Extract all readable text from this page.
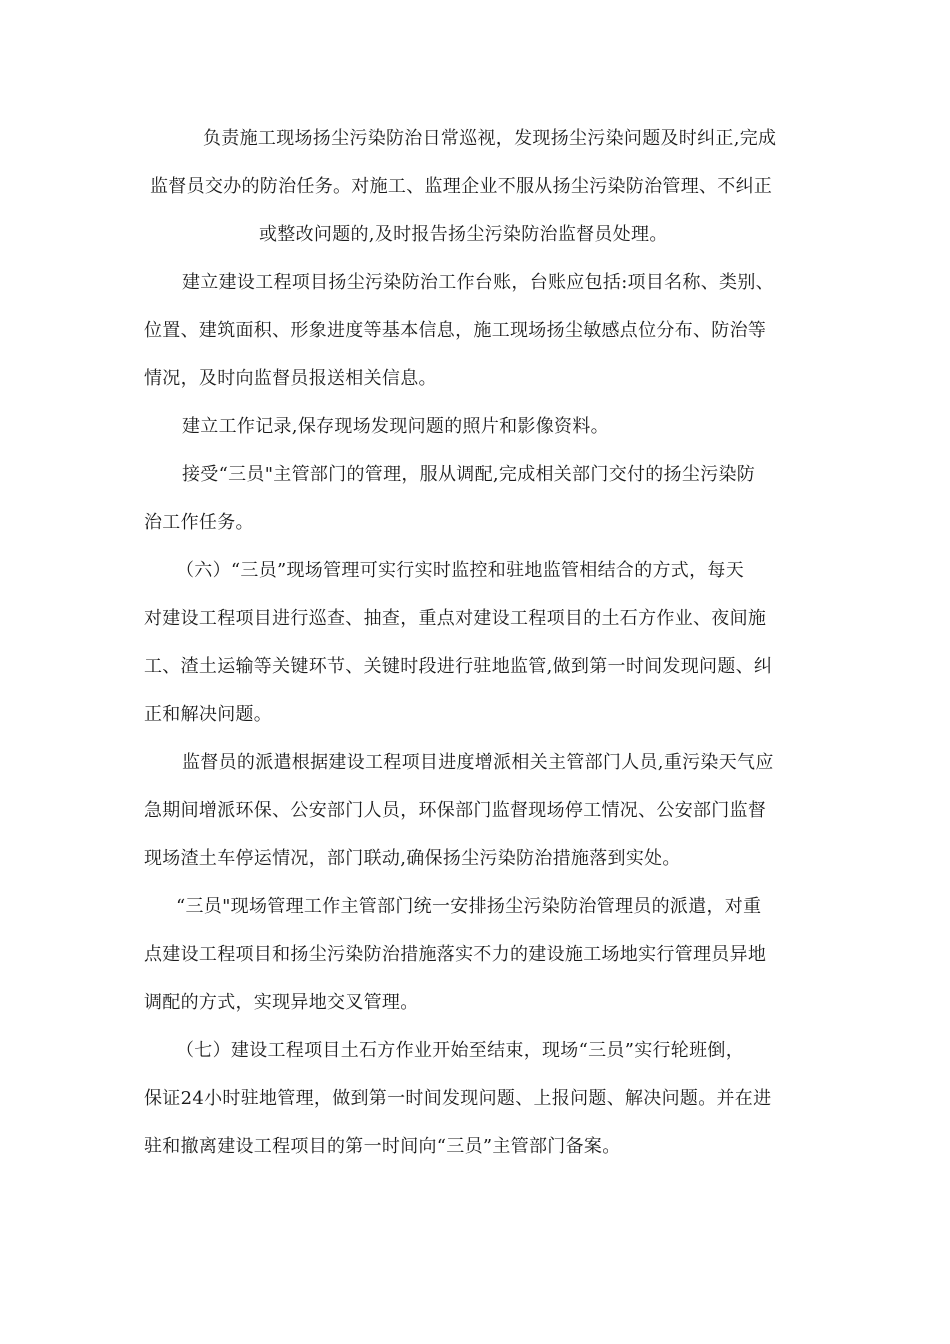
负责施工现场扬尘污染防治日常巡视，发现扬尘污染问题及时纠正,完成
监督员交办的防治任务。对施工、监理企业不服从扬尘污染防治管理、不纠正
或整改问题的,及时报告扬尘污染防治监督员处理。
建立建设工程项目扬尘污染防治工作台账，台账应包括:项目名称、类别、
位置、建筑面积、形象进度等基本信息，施工现场扬尘敏感点位分布、防治等
情况，及时向监督员报送相关信息。
建立工作记录,保存现场发现问题的照片和影像资料。
接受“三员"主管部门的管理，服从调配,完成相关部门交付的扬尘污染防
治工作任务。
（六）“三员”现场管理可实行实时监控和驻地监管相结合的方式，每天
对建设工程项目进行巡查、抽查，重点对建设工程项目的土石方作业、夜间施
工、渣土运输等关键环节、关键时段进行驻地监管,做到第一时间发现问题、纠
正和解决问题。
监督员的派遣根据建设工程项目进度增派相关主管部门人员,重污染天气应
急期间增派环保、公安部门人员，环保部门监督现场停工情况、公安部门监督
现场渣土车停运情况，部门联动,确保扬尘污染防治措施落到实处。
“三员"现场管理工作主管部门统一安排扬尘污染防治管理员的派遣，对重
点建设工程项目和扬尘污染防治措施落实不力的建设施工场地实行管理员异地
调配的方式，实现异地交叉管理。
（七）建设工程项目土石方作业开始至结束，现场“三员”实行轮班倒，
保证24小时驻地管理，做到第一时间发现问题、上报问题、解决问题。并在进
驻和撤离建设工程项目的第一时间向“三员”主管部门备案。
